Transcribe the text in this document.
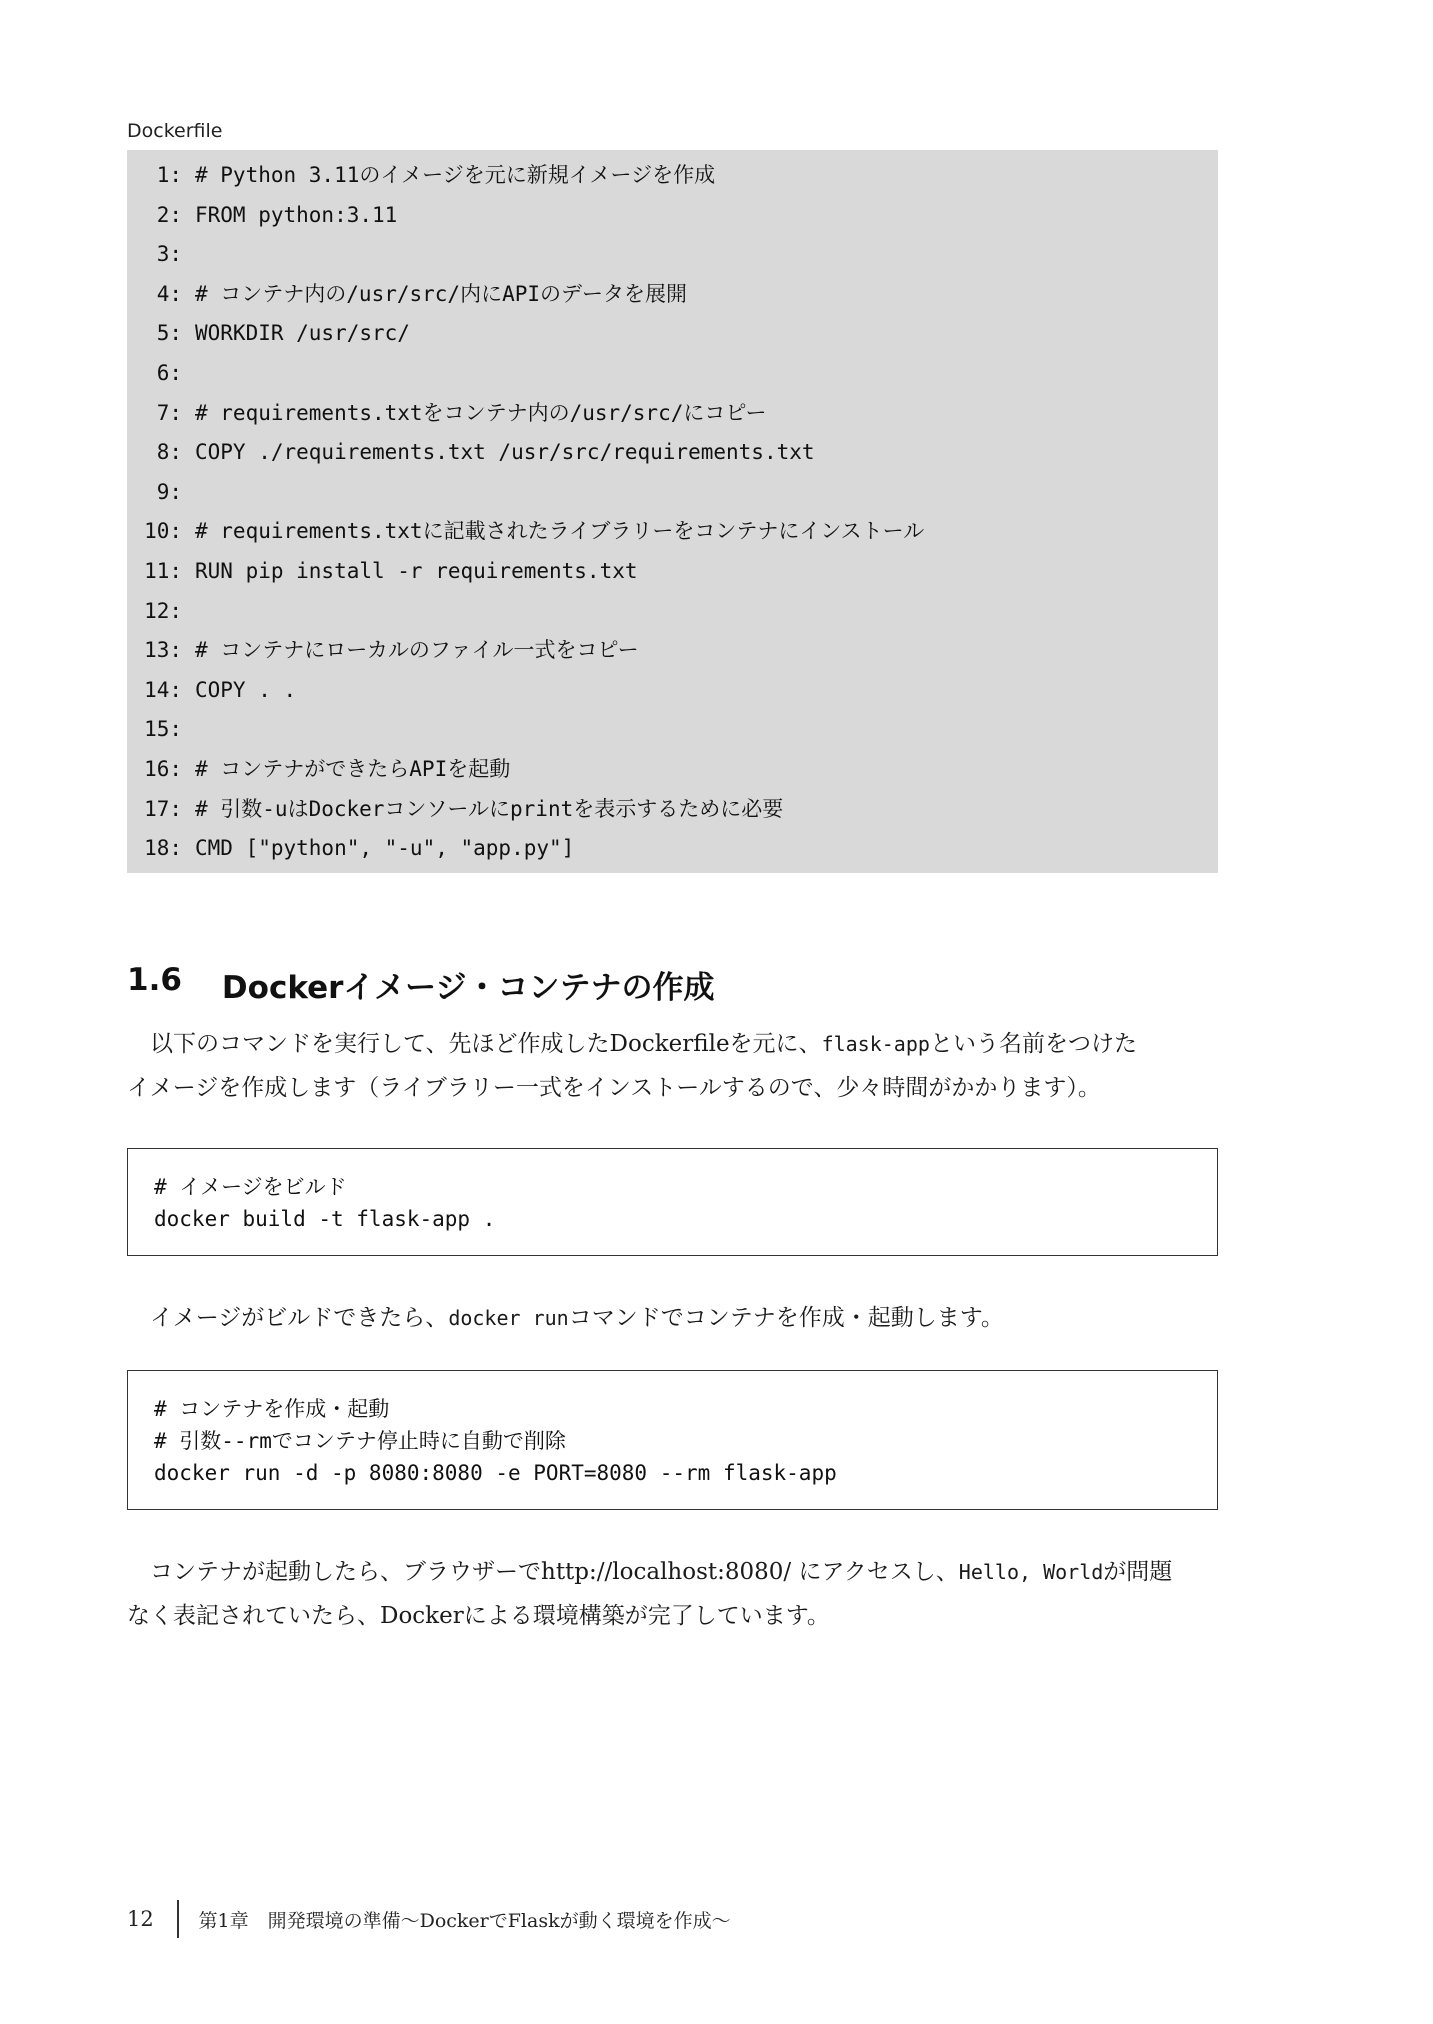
Dockerfile
1: # Python 3.11のイメージを元に新規イメージを作成
2: FROM python:3.11
3:
4: # コンテナ内の/usr/src/内にAPIのデータを展開
5: WORKDIR /usr/src/
6:
7: # requirements.txtをコンテナ内の/usr/src/にコピー
8: COPY ./requirements.txt /usr/src/requirements.txt
9:
10: # requirements.txtに記載されたライブラリーをコンテナにインストール
11: RUN pip install -r requirements.txt
12:
13: # コンテナにローカルのファイル一式をコピー
14: COPY . .
15:
16: # コンテナができたらAPIを起動
17: # 引数-uはDockerコンソールにprintを表示するために必要
18: CMD ["python", "-u", "app.py"]
1.6 Dockerイメージ・コンテナの作成
　以下のコマンドを実行して、先ほど作成したDockerfileを元に、flask-appという名前をつけた
イメージを作成します（ライブラリー一式をインストールするので、少々時間がかかります）。
# イメージをビルド
docker build -t flask-app .
　イメージがビルドできたら、docker runコマンドでコンテナを作成・起動します。
# コンテナを作成・起動
# 引数--rmでコンテナ停止時に自動で削除
docker run -d -p 8080:8080 -e PORT=8080 --rm flask-app
　コンテナが起動したら、ブラウザーでhttp://localhost:8080/ にアクセスし、Hello, Worldが問題
なく表記されていたら、Dockerによる環境構築が完了しています。
12	第1章　開発環境の準備〜DockerでFlaskが動く環境を作成〜
